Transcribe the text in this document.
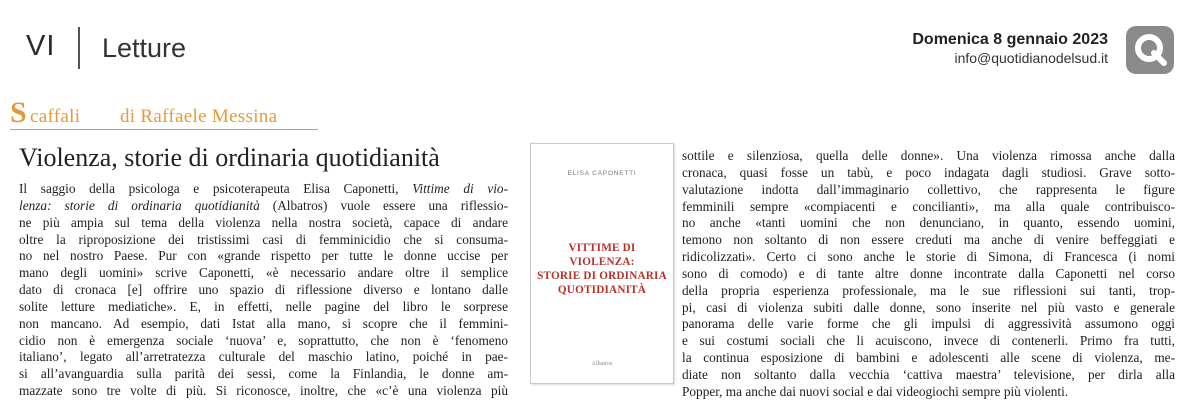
VI Letture	Domenica 8 gennaio 2023
info@quotidianodelsud.it
S caffali di Raffaele Messina
Violenza, storie di ordinaria quotidianità
Il saggio della psicologa e psicoterapeuta Elisa Caponetti, Vittime di vio-
lenza: storie di ordinaria quotidianità (Albatros) vuole essere una riflessio-
ne più ampia sul tema della violenza nella nostra società, capace di andare
oltre la riproposizione dei tristissimi casi di femminicidio che si consuma-
no nel nostro Paese. Pur con «grande rispetto per tutte le donne uccise per
mano degli uomini» scrive Caponetti, «è necessario andare oltre il semplice
dato di cronaca [e] offrire uno spazio di riflessione diverso e lontano dalle
solite letture mediatiche». E, in effetti, nelle pagine del libro le sorprese
non mancano. Ad esempio, dati Istat alla mano, si scopre che il femmini-
cidio non è emergenza sociale ‘nuova’ e, soprattutto, che non è ‘fenomeno
italiano’, legato all’arretratezza culturale del maschio latino, poiché in pae-
si all’avanguardia sulla parità dei sessi, come la Finlandia, le donne am-
mazzate sono tre volte di più. Si riconosce, inoltre, che «c’è una violenza più
ELISA CAPONETTI
VITTIME DI VIOLENZA:
STORIE DI ORDINARIA
QUOTIDIANITÀ
Albatros
sottile e silenziosa, quella delle donne». Una violenza rimossa anche dalla
cronaca, quasi fosse un tabù, e poco indagata dagli studiosi. Grave sotto-
valutazione indotta dall’immaginario collettivo, che rappresenta le figure
femminili sempre «compiacenti e concilianti», ma alla quale contribuisco-
no anche «tanti uomini che non denunciano, in quanto, essendo uomini,
temono non soltanto di non essere creduti ma anche di venire beffeggiati e
ridicolizzati». Certo ci sono anche le storie di Simona, di Francesca (i nomi
sono di comodo) e di tante altre donne incontrate dalla Caponetti nel corso
della propria esperienza professionale, ma le sue riflessioni sui tanti, trop-
pi, casi di violenza subiti dalle donne, sono inserite nel più vasto e generale
panorama delle varie forme che gli impulsi di aggressività assumono oggi
e sui costumi sociali che li acuiscono, invece di contenerli. Primo fra tutti,
la continua esposizione di bambini e adolescenti alle scene di violenza, me-
diate non soltanto dalla vecchia ‘cattiva maestra’ televisione, per dirla alla
Popper, ma anche dai nuovi social e dai videogiochi sempre più violenti.
